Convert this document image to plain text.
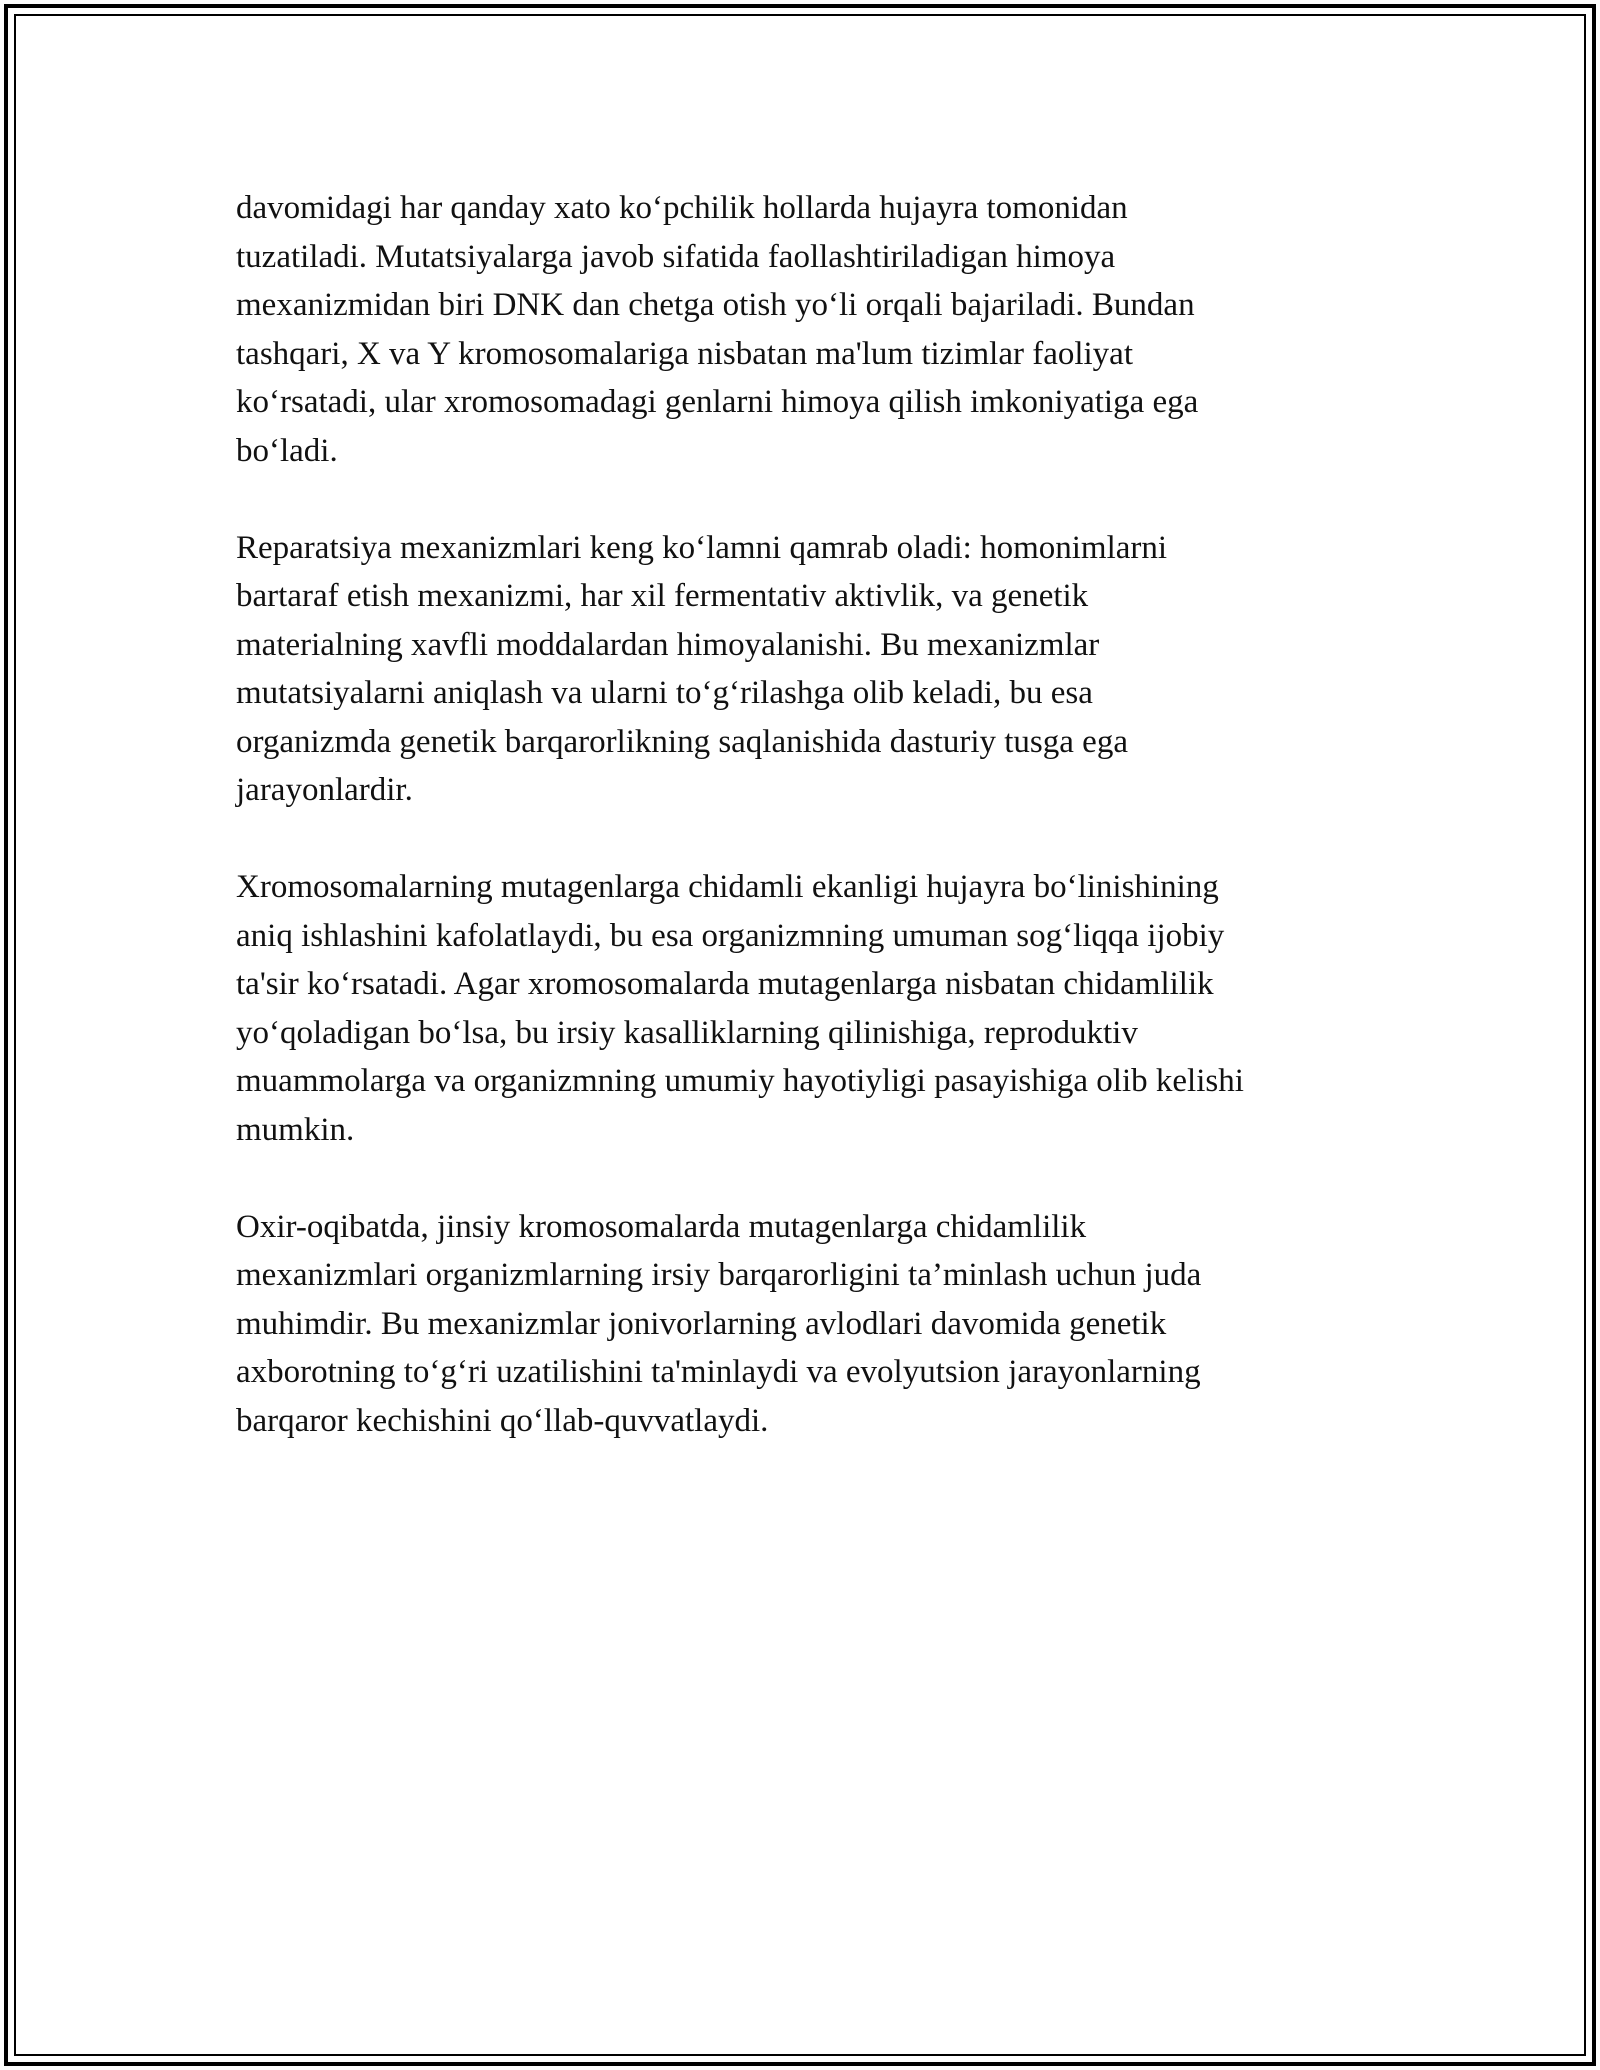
davomidagi har qanday xato ko‘pchilik hollarda hujayra tomonidan
tuzatiladi. Mutatsiyalarga javob sifatida faollashtiriladigan himoya
mexanizmidan biri DNK dan chetga otish yo‘li orqali bajariladi. Bundan
tashqari, X va Y kromosomalariga nisbatan ma'lum tizimlar faoliyat
ko‘rsatadi, ular xromosomadagi genlarni himoya qilish imkoniyatiga ega
bo‘ladi.

Reparatsiya mexanizmlari keng ko‘lamni qamrab oladi: homonimlarni
bartaraf etish mexanizmi, har xil fermentativ aktivlik, va genetik
materialning xavfli moddalardan himoyalanishi. Bu mexanizmlar
mutatsiyalarni aniqlash va ularni to‘g‘rilashga olib keladi, bu esa
organizmda genetik barqarorlikning saqlanishida dasturiy tusga ega
jarayonlardir.

Xromosomalarning mutagenlarga chidamli ekanligi hujayra bo‘linishining
aniq ishlashini kafolatlaydi, bu esa organizmning umuman sog‘liqqa ijobiy
ta'sir ko‘rsatadi. Agar xromosomalarda mutagenlarga nisbatan chidamlilik
yo‘qoladigan bo‘lsa, bu irsiy kasalliklarning qilinishiga, reproduktiv
muammolarga va organizmning umumiy hayotiyligi pasayishiga olib kelishi
mumkin.

Oxir-oqibatda, jinsiy kromosomalarda mutagenlarga chidamlilik
mexanizmlari organizmlarning irsiy barqarorligini ta’minlash uchun juda
muhimdir. Bu mexanizmlar jonivorlarning avlodlari davomida genetik
axborotning to‘g‘ri uzatilishini ta'minlaydi va evolyutsion jarayonlarning
barqaror kechishini qo‘llab-quvvatlaydi.
